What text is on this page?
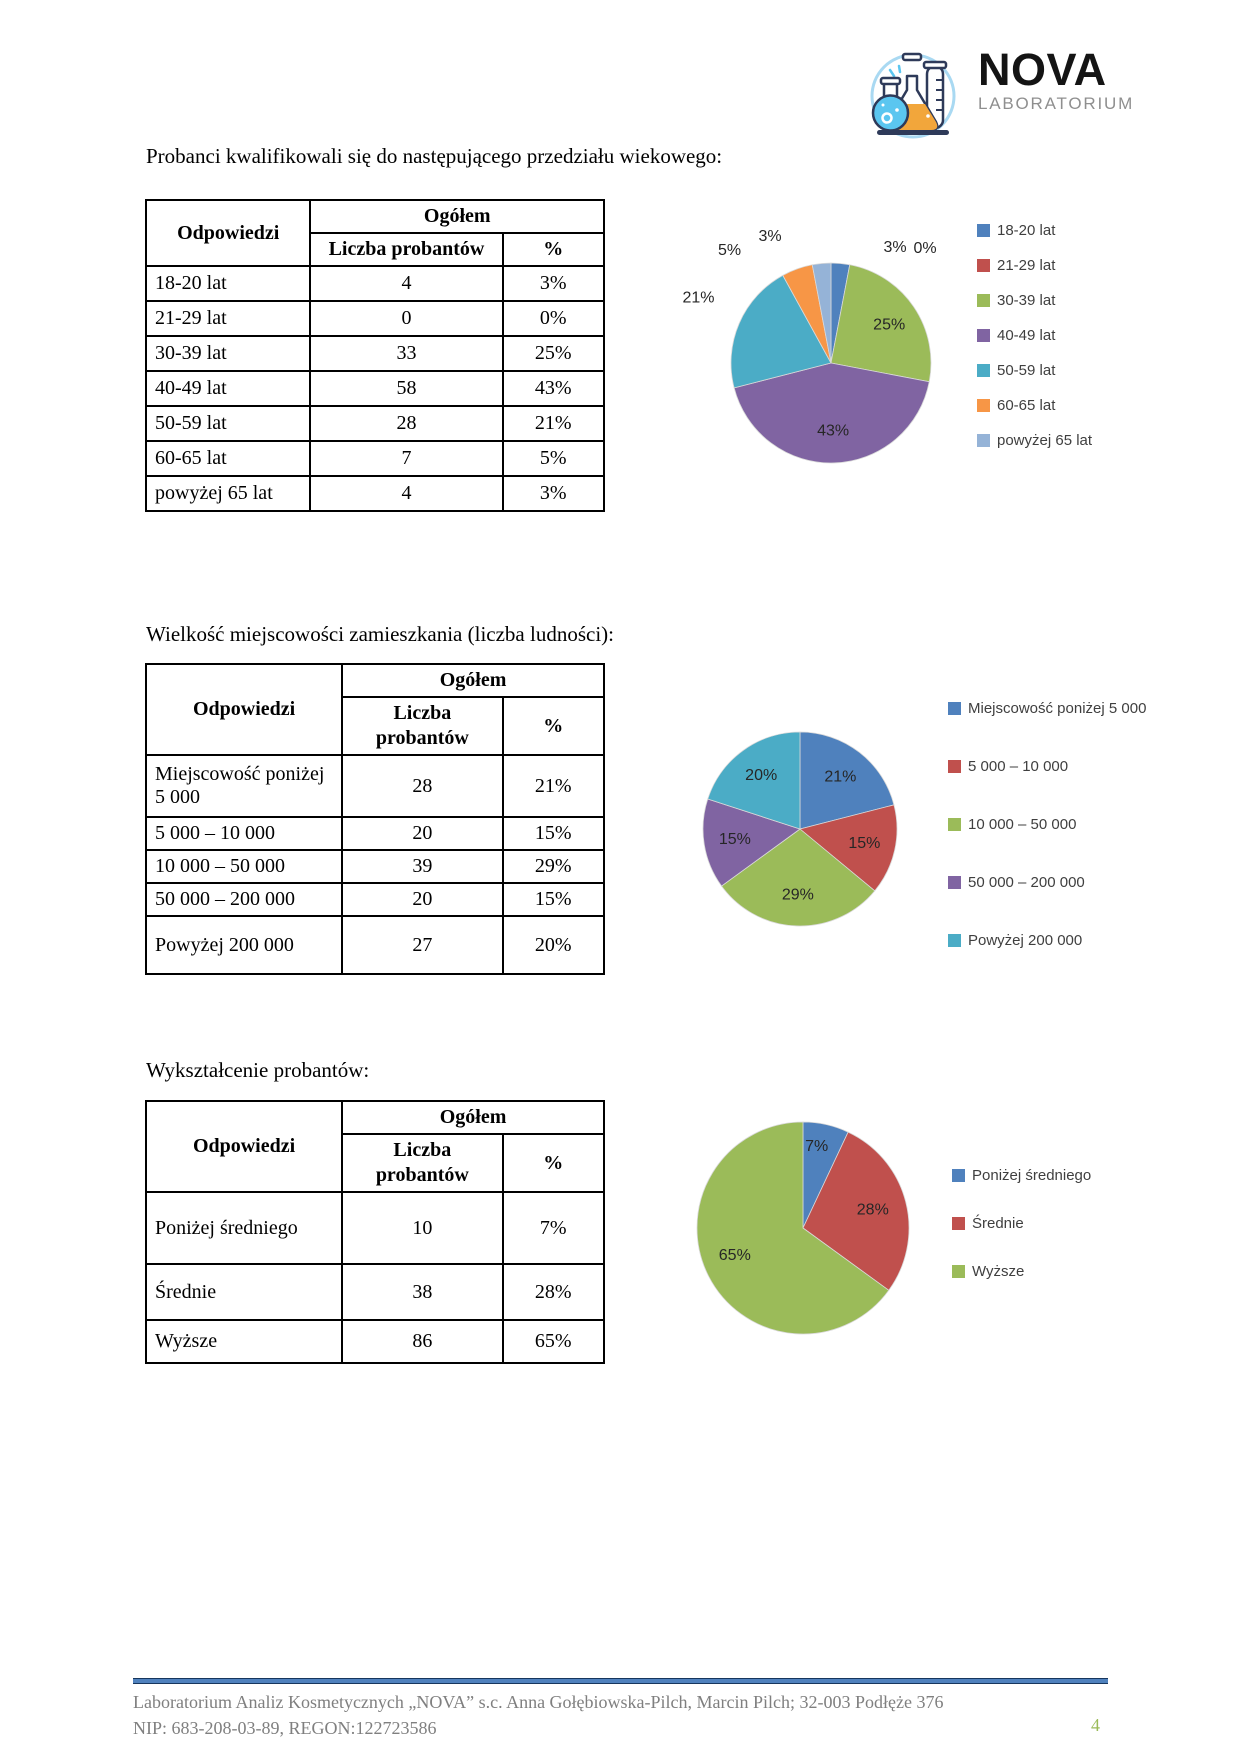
NOVA
LABORATORIUM
Probanci kwalifikowali się do następującego przedziału wiekowego:
Odpowiedzi	Ogółem	
	Liczba probantów	%
18-20 lat	4	3%
21-29 lat	0	0%
30-39 lat	33	25%
40-49 lat	58	43%
50-59 lat	28	21%
60-65 lat	7	5%
powyżej 65 lat	4	3%
3% 0%
25%
43%
21%
5%
3%	18-20 lat
21-29 lat
30-39 lat
40-49 lat
50-59 lat
60-65 lat
powyżej 65 lat
Wielkość miejscowości zamieszkania (liczba ludności):
Odpowiedzi	Ogółem	
	Liczba probantów	%
Miejscowość poniżej 5 000	28	21%
5 000 – 10 000	20	15%
10 000 – 50 000	39	29%
50 000 – 200 000	20	15%
Powyżej 200 000	27	20%
21%
15%
29%
15%
20%
Miejscowość poniżej 5 000
5 000 – 10 000
10 000 – 50 000
50 000 – 200 000
Powyżej 200 000
Wykształcenie probantów:
Odpowiedzi	Ogółem	
	Liczba probantów	%
Poniżej średniego	10	7%
Średnie	38	28%
Wyższe	86	65%
7%
28%
65%
Poniżej średniego
Średnie
Wyższe
Laboratorium Analiz Kosmetycznych „NOVA” s.c. Anna Gołębiowska-Pilch, Marcin Pilch; 32-003 Podłęże 376
NIP: 683-208-03-89, REGON:122723586	4
